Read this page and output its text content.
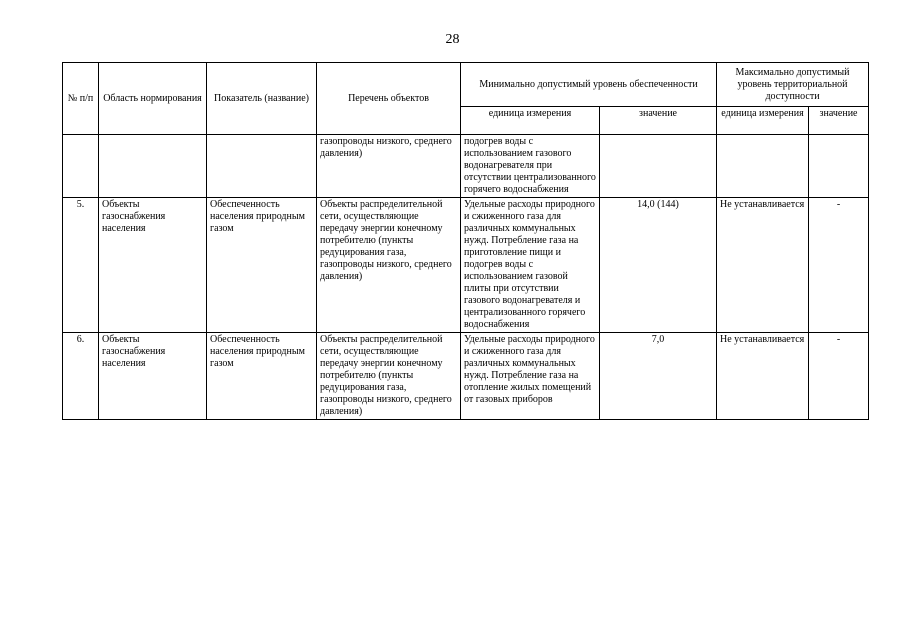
28
№ п/п	Область нормирования	Показатель (название)	Перечень объектов	Минимально допустимый уровень обеспеченности		Максимально допустимый уровень территориальной доступности	
				единица измерения	значение	единица измерения	значение
			газопроводы низкого, среднего давления)	подогрев воды с использованием газового водонагревателя при отсутствии централизованного горячего водоснабжения			
5.	Объекты газоснабжения населения	Обеспеченность населения природным газом	Объекты распределительной сети, осуществляющие передачу энергии конечному потребителю (пункты редуцирования газа, газопроводы низкого, среднего давления)	Удельные расходы природного и сжиженного газа для различных коммунальных нужд. Потребление газа на приготовление пищи и подогрев воды с использованием газовой плиты при отсутствии газового водонагревателя и централизованного горячего водоснабжения	14,0 (144)	Не устанавливается	-
6.	Объекты газоснабжения населения	Обеспеченность населения природным газом	Объекты распределительной сети, осуществляющие передачу энергии конечному потребителю (пункты редуцирования газа, газопроводы низкого, среднего давления)	Удельные расходы природного и сжиженного газа для различных коммунальных нужд. Потребление газа на отопление жилых помещений от газовых приборов	7,0	Не устанавливается	-
